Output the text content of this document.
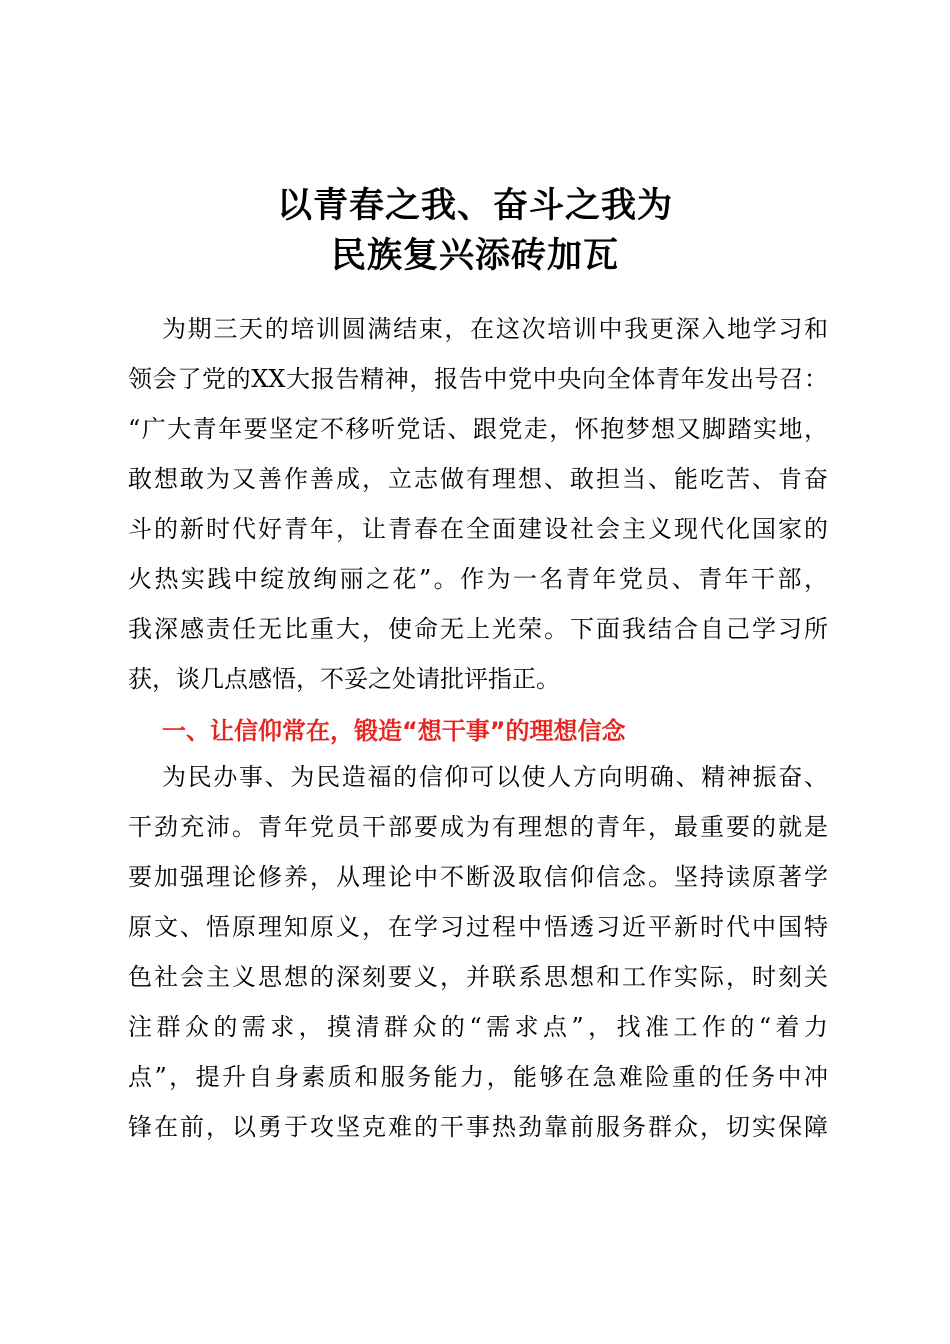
以青春之我、奋斗之我为
民族复兴添砖加瓦
为期三天的培训圆满结束，在这次培训中我更深入地学习和
领会了党的XX大报告精神，报告中党中央向全体青年发出号召：
“广大青年要坚定不移听党话、跟党走，怀抱梦想又脚踏实地，
敢想敢为又善作善成，立志做有理想、敢担当、能吃苦、肯奋
斗的新时代好青年，让青春在全面建设社会主义现代化国家的
火热实践中绽放绚丽之花”。作为一名青年党员、青年干部，
我深感责任无比重大，使命无上光荣。下面我结合自己学习所
获，谈几点感悟，不妥之处请批评指正。
一、让信仰常在，锻造“想干事”的理想信念
为民办事、为民造福的信仰可以使人方向明确、精神振奋、
干劲充沛。青年党员干部要成为有理想的青年，最重要的就是
要加强理论修养，从理论中不断汲取信仰信念。坚持读原著学
原文、悟原理知原义，在学习过程中悟透习近平新时代中国特
色社会主义思想的深刻要义，并联系思想和工作实际，时刻关
注群众的需求，摸清群众的“需求点”，找准工作的“着力
点”，提升自身素质和服务能力，能够在急难险重的任务中冲
锋在前，以勇于攻坚克难的干事热劲靠前服务群众，切实保障
